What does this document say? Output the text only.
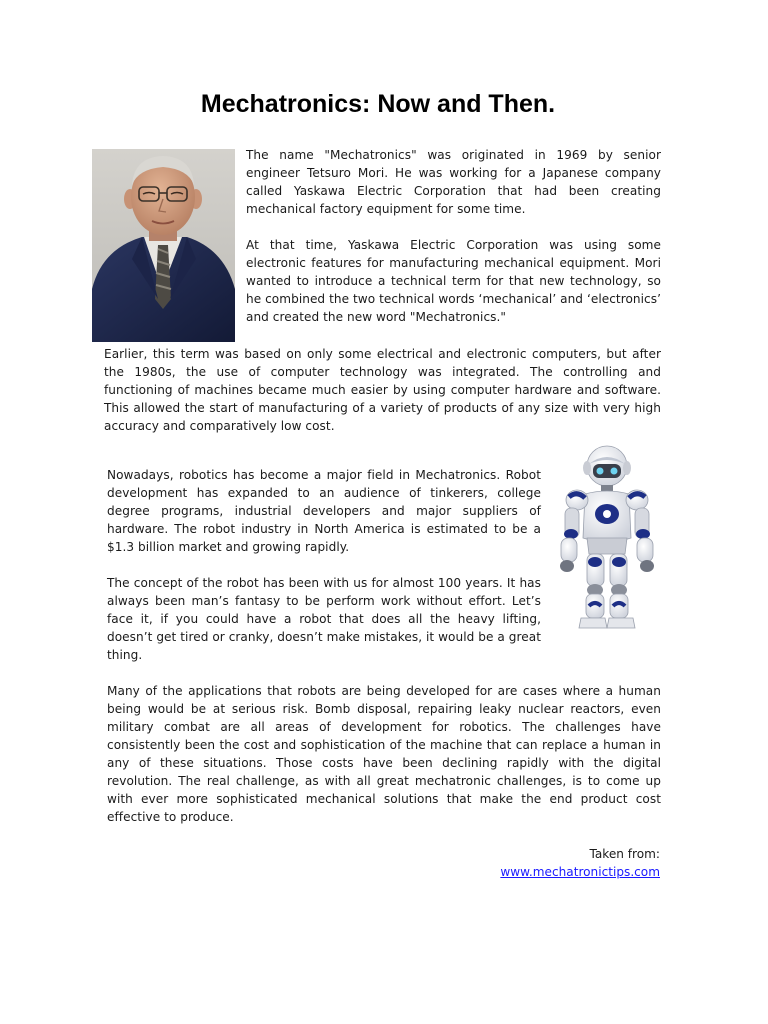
Mechatronics: Now and Then.

The name "Mechatronics" was originated in 1969 by senior engineer Tetsuro Mori. He was working for a Japanese company called Yaskawa Electric Corporation that had been creating mechanical factory equipment for some time.

At that time, Yaskawa Electric Corporation was using some electronic features for manufacturing mechanical equipment. Mori wanted to introduce a technical term for that new technology, so he combined the two technical words ‘mechanical’ and ‘electronics’ and created the new word "Mechatronics."

Earlier, this term was based on only some electrical and electronic computers, but after the 1980s, the use of computer technology was integrated. The controlling and functioning of machines became much easier by using computer hardware and software. This allowed the start of manufacturing of a variety of products of any size with very high accuracy and comparatively low cost.

Nowadays, robotics has become a major field in Mechatronics. Robot development has expanded to an audience of tinkerers, college degree programs, industrial developers and major suppliers of hardware. The robot industry in North America is estimated to be a $1.3 billion market and growing rapidly.

The concept of the robot has been with us for almost 100 years. It has always been man’s fantasy to be perform work without effort. Let’s face it, if you could have a robot that does all the heavy lifting, doesn’t get tired or cranky, doesn’t make mistakes, it would be a great thing.

Many of the applications that robots are being developed for are cases where a human being would be at serious risk. Bomb disposal, repairing leaky nuclear reactors, even military combat are all areas of development for robotics. The challenges have consistently been the cost and sophistication of the machine that can replace a human in any of these situations. Those costs have been declining rapidly with the digital revolution. The real challenge, as with all great mechatronic challenges, is to come up with ever more sophisticated mechanical solutions that make the end product cost effective to produce.

Taken from:
www.mechatronictips.com
